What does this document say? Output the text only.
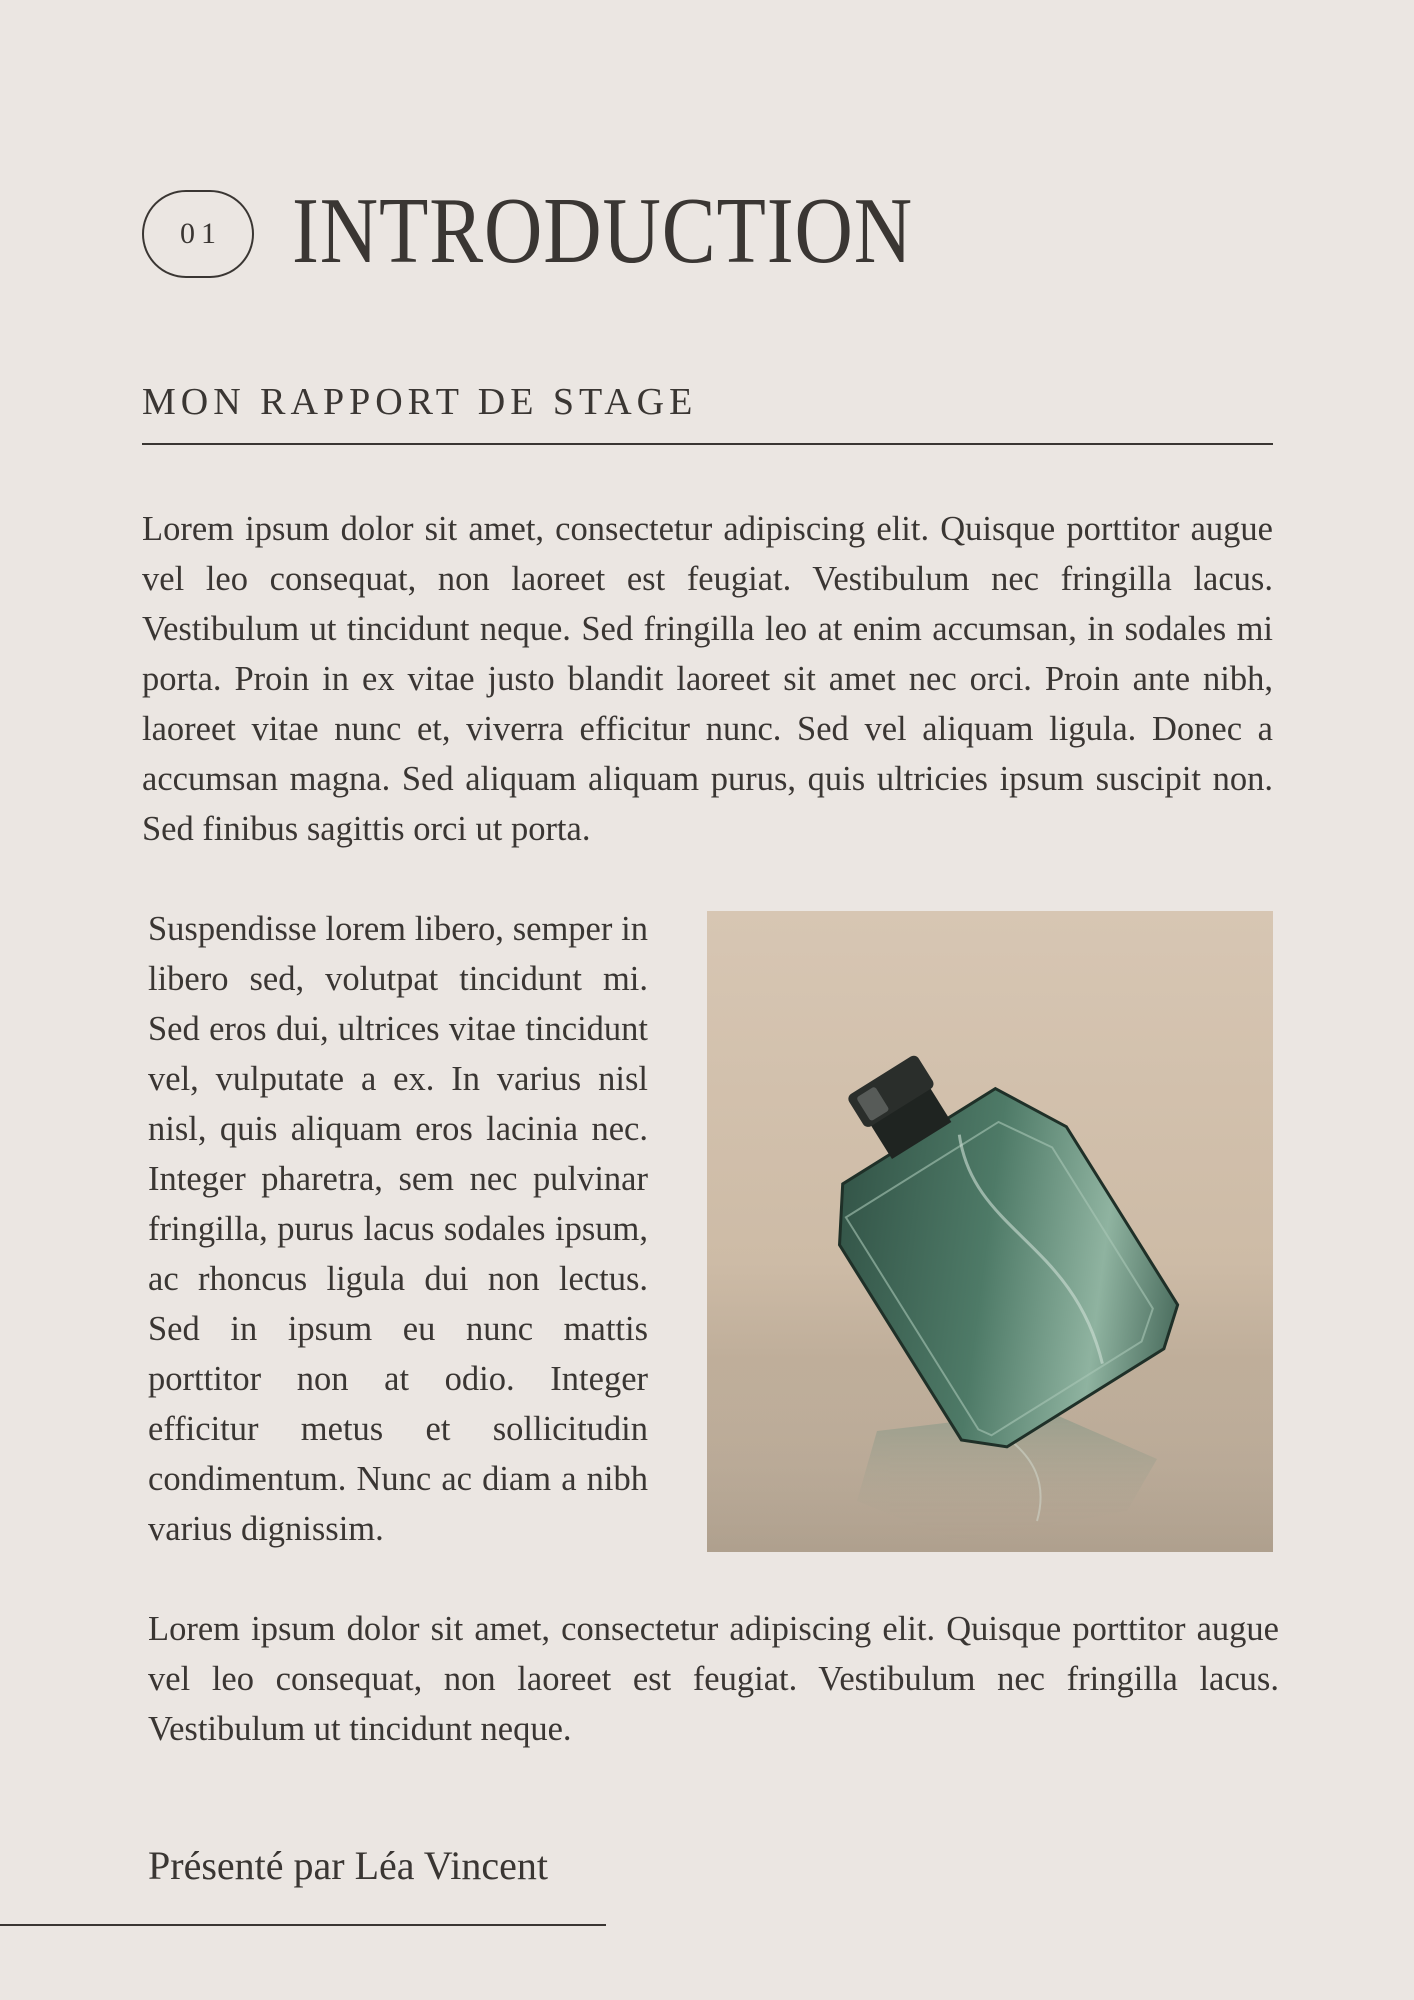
01 INTRODUCTION
MON RAPPORT DE STAGE

Lorem ipsum dolor sit amet, consectetur adipiscing elit. Quisque porttitor augue vel leo consequat, non laoreet est feugiat. Vestibulum nec fringilla lacus. Vestibulum ut tincidunt neque. Sed fringilla leo at enim accumsan, in sodales mi porta. Proin in ex vitae justo blandit laoreet sit amet nec orci. Proin ante nibh, laoreet vitae nunc et, viverra efficitur nunc. Sed vel aliquam ligula. Donec a accumsan magna. Sed aliquam aliquam purus, quis ultricies ipsum suscipit non. Sed finibus sagittis orci ut porta.

Suspendisse lorem libero, semper in libero sed, volutpat tincidunt mi. Sed eros dui, ultrices vitae tincidunt vel, vulputate a ex. In varius nisl nisl, quis aliquam eros lacinia nec. Integer pharetra, sem nec pulvinar fringilla, purus lacus sodales ipsum, ac rhoncus ligula dui non lectus. Sed in ipsum eu nunc mattis porttitor non at odio. Integer efficitur metus et sollicitudin condimentum. Nunc ac diam a nibh varius dignissim.

Lorem ipsum dolor sit amet, consectetur adipiscing elit. Quisque porttitor augue vel leo consequat, non laoreet est feugiat. Vestibulum nec fringilla lacus. Vestibulum ut tincidunt neque.

Présenté par Léa Vincent
